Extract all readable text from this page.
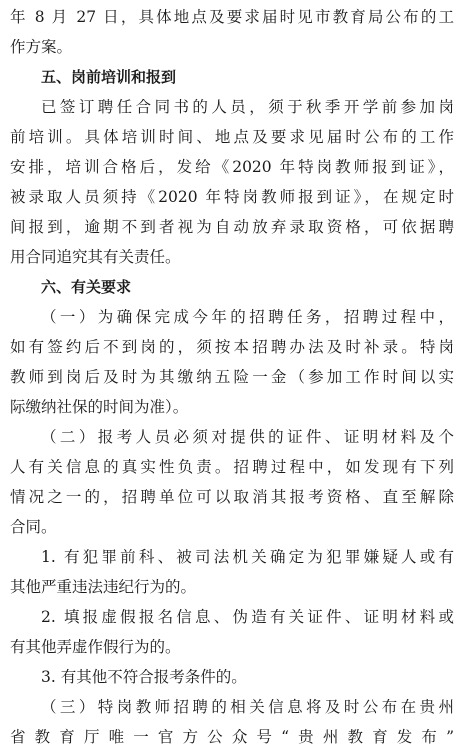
年 8 月 27 日，具体地点及要求届时见市教育局公布的工
作方案。
五、岗前培训和报到
已签订聘任合同书的人员，须于秋季开学前参加岗
前培训。具体培训时间、地点及要求见届时公布的工作
安排，培训合格后，发给《2020 年特岗教师报到证》，
被录取人员须持《2020 年特岗教师报到证》，在规定时
间报到，逾期不到者视为自动放弃录取资格，可依据聘
用合同追究其有关责任。
六、有关要求
（一）为确保完成今年的招聘任务，招聘过程中，
如有签约后不到岗的，须按本招聘办法及时补录。特岗
教师到岗后及时为其缴纳五险一金（参加工作时间以实
际缴纳社保的时间为准）。
（二）报考人员必须对提供的证件、证明材料及个
人有关信息的真实性负责。招聘过程中，如发现有下列
情况之一的，招聘单位可以取消其报考资格、直至解除
合同。
1. 有犯罪前科、被司法机关确定为犯罪嫌疑人或有
其他严重违法违纪行为的。
2. 填报虚假报名信息、伪造有关证件、证明材料或
有其他弄虚作假行为的。
3. 有其他不符合报考条件的。
（三）特岗教师招聘的相关信息将及时公布在贵州
省教育厅唯一官方公众号“贵州教育发布”
